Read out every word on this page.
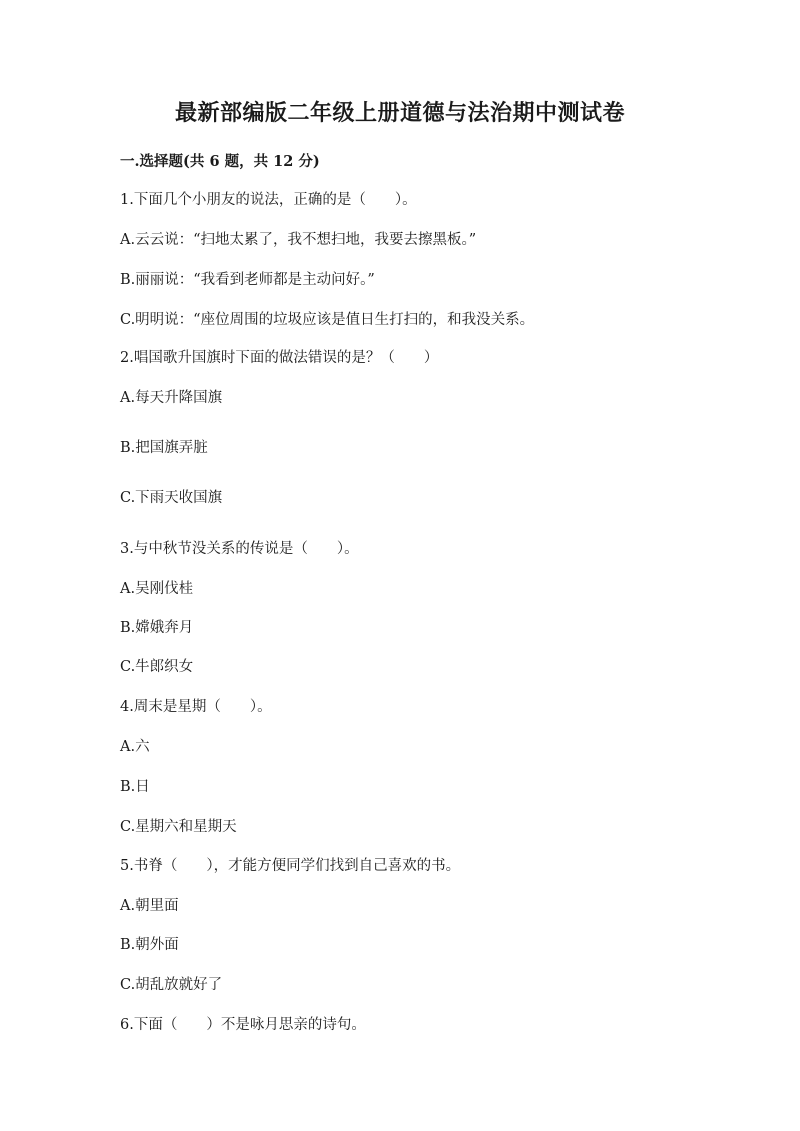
最新部编版二年级上册道德与法治期中测试卷
一.选择题(共 6 题，共 12 分)
1.下面几个小朋友的说法，正确的是（　　）。
A.云云说：“扫地太累了，我不想扫地，我要去擦黑板。”
B.丽丽说：“我看到老师都是主动问好。”
C.明明说：“座位周围的垃圾应该是值日生打扫的，和我没关系。
2.唱国歌升国旗时下面的做法错误的是？（　　）
A.每天升降国旗
B.把国旗弄脏
C.下雨天收国旗
3.与中秋节没关系的传说是（　　）。
A.吴刚伐桂
B.嫦娥奔月
C.牛郎织女
4.周末是星期（　　）。
A.六
B.日
C.星期六和星期天
5.书脊（　　），才能方便同学们找到自己喜欢的书。
A.朝里面
B.朝外面
C.胡乱放就好了
6.下面（　　）不是咏月思亲的诗句。
